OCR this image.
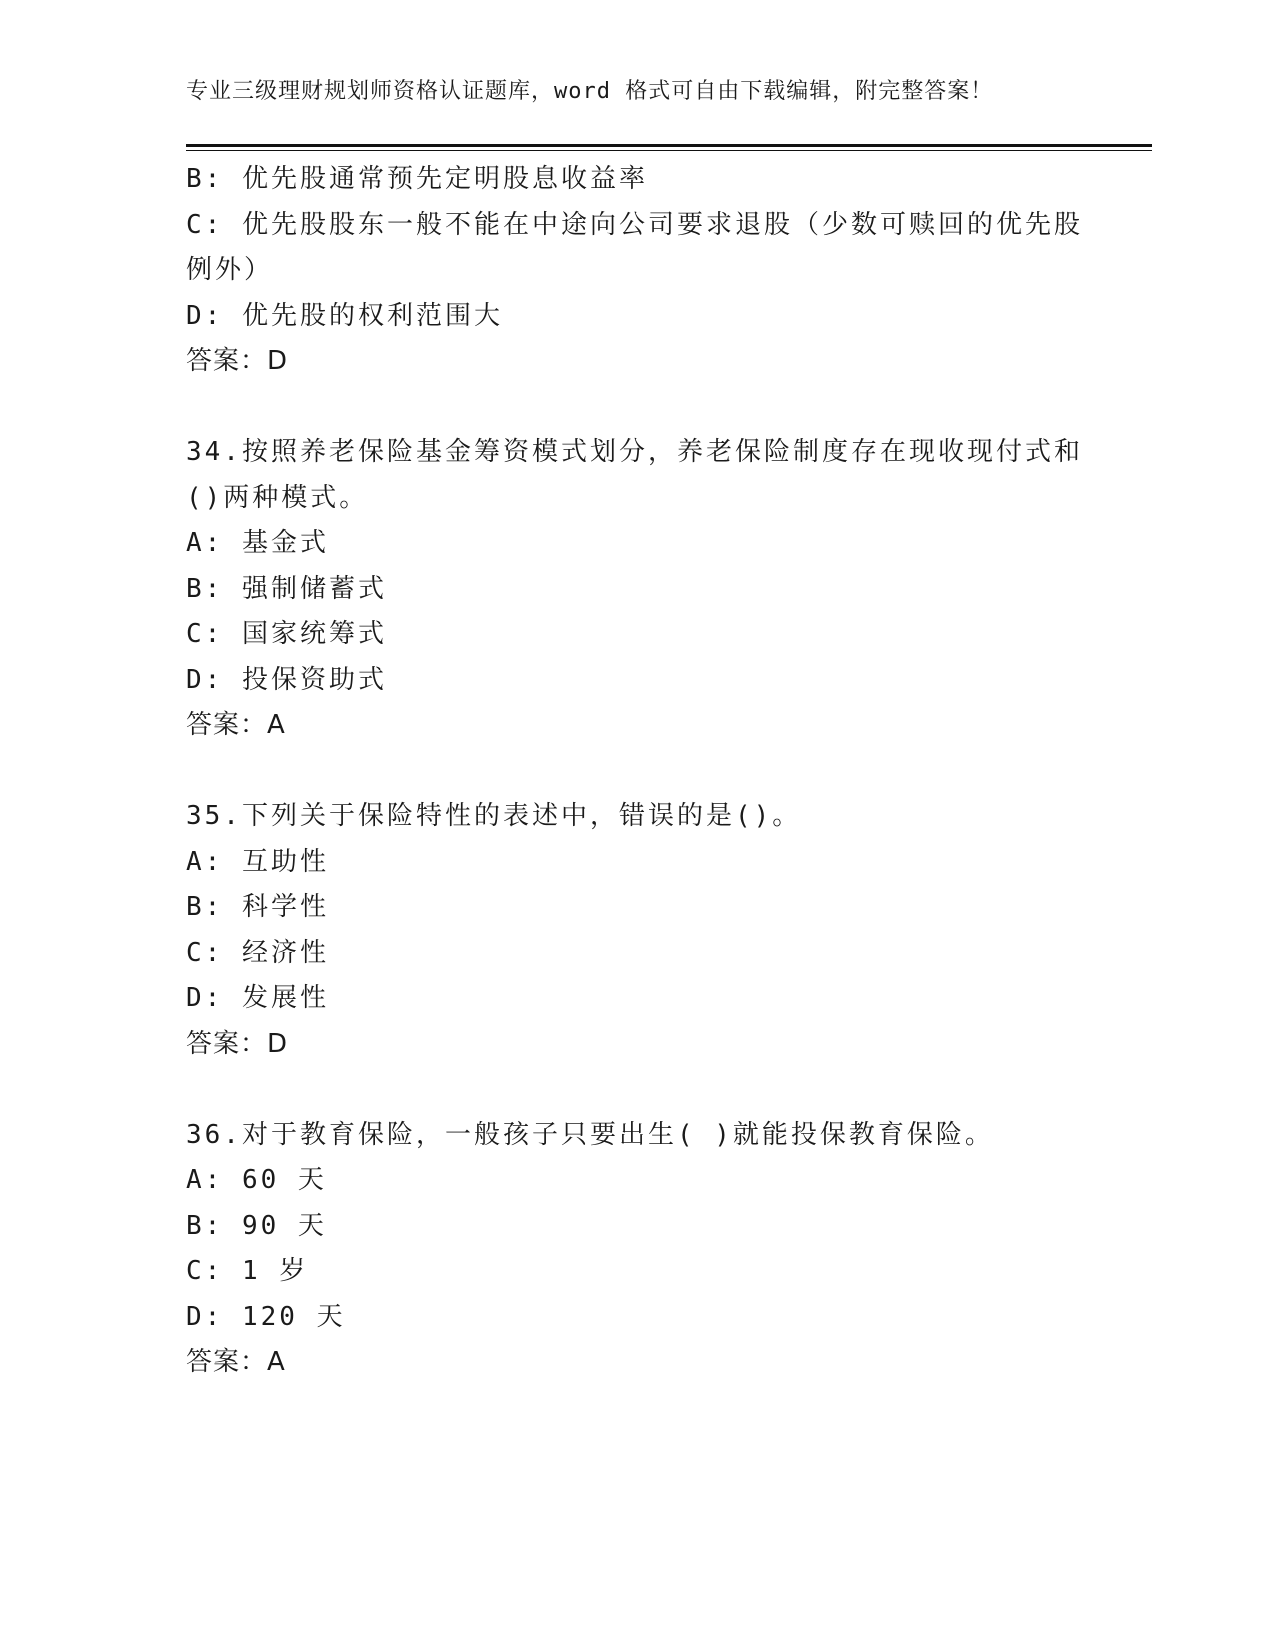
专业三级理财规划师资格认证题库，word 格式可自由下载编辑，附完整答案！
B: 优先股通常预先定明股息收益率
C: 优先股股东一般不能在中途向公司要求退股（少数可赎回的优先股
例外）
D: 优先股的权利范围大
答案：D
34.按照养老保险基金筹资模式划分，养老保险制度存在现收现付式和
()两种模式。
A: 基金式
B: 强制储蓄式
C: 国家统筹式
D: 投保资助式
答案：A
35.下列关于保险特性的表述中，错误的是()。
A: 互助性
B: 科学性
C: 经济性
D: 发展性
答案：D
36.对于教育保险，一般孩子只要出生( )就能投保教育保险。
A: 60 天
B: 90 天
C: 1 岁
D: 120 天
答案：A
